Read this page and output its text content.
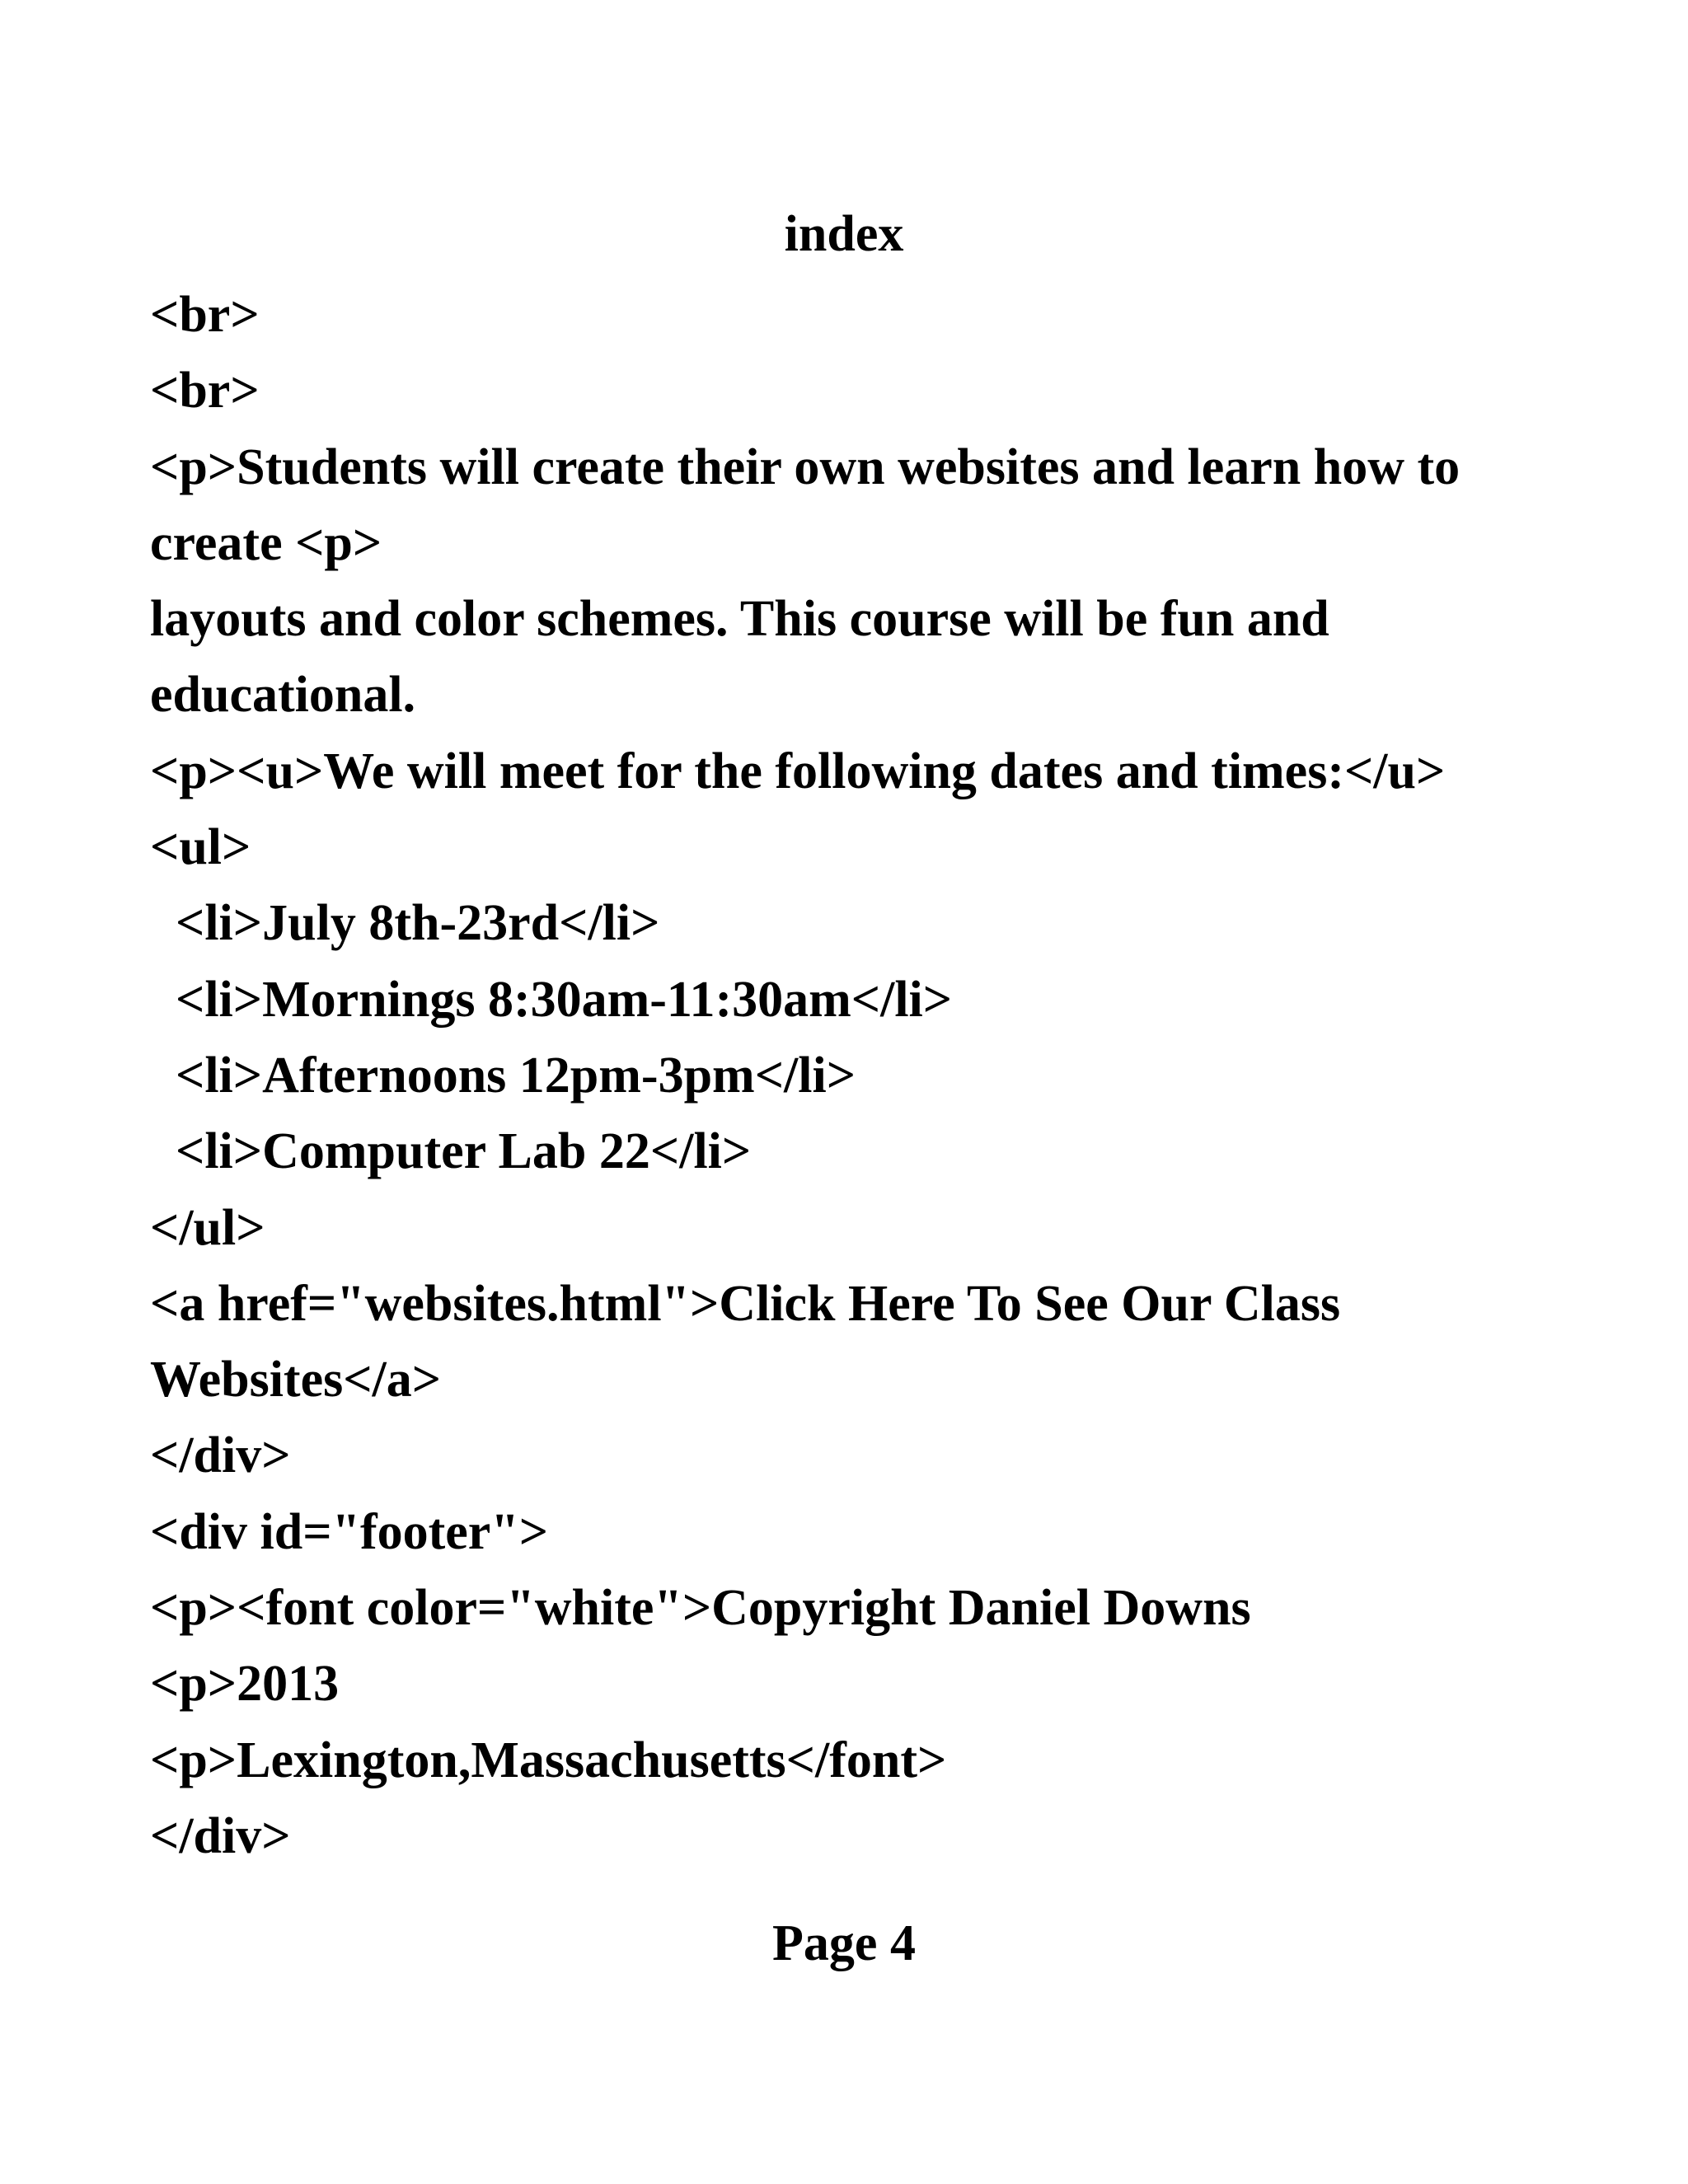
index
<br>
<br>
<p>Students will create their own websites and learn how to
create <p>
layouts and color schemes. This course will be fun and
educational.
<p><u>We will meet for the following dates and times:</u>
<ul>
<li>July 8th-23rd</li>
<li>Mornings 8:30am-11:30am</li>
<li>Afternoons 12pm-3pm</li>
<li>Computer Lab 22</li>
</ul>
<a href="websites.html">Click Here To See Our Class
Websites</a>
</div>
<div id="footer">
<p><font color="white">Copyright Daniel Downs
<p>2013
<p>Lexington,Massachusetts</font>
</div>
Page 4
